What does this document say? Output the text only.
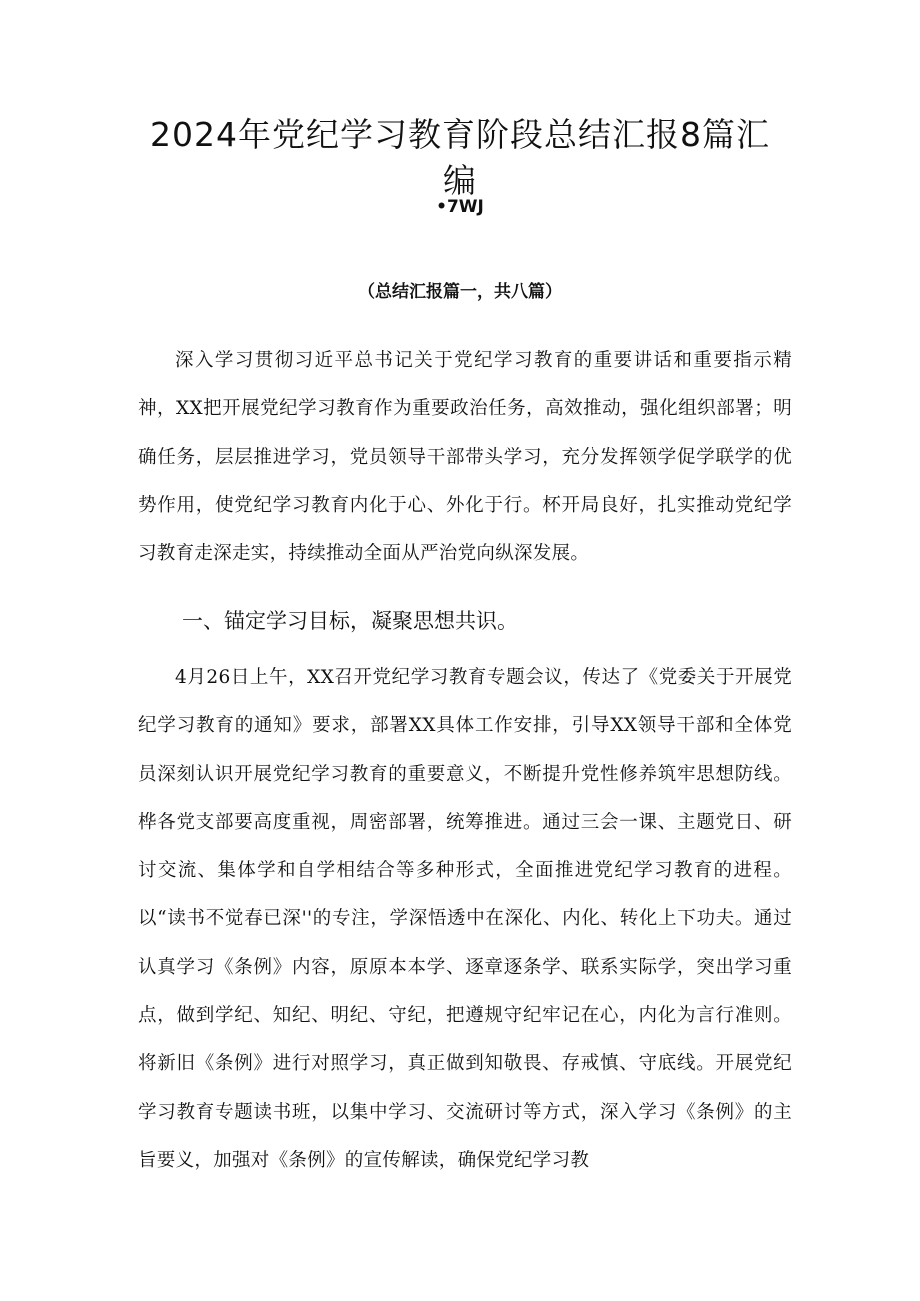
2024年党纪学习教育阶段总结汇报8篇汇编
•7WJ
（总结汇报篇一，共八篇）

深入学习贯彻习近平总书记关于党纪学习教育的重要讲话和重要指示精神，XX把开展党纪学习教育作为重要政治任务，高效推动，强化组织部署；明确任务，层层推进学习，党员领导干部带头学习，充分发挥领学促学联学的优势作用，使党纪学习教育内化于心、外化于行。杯开局良好，扎实推动党纪学习教育走深走实，持续推动全面从严治党向纵深发展。

一、锚定学习目标，凝聚思想共识。

4月26日上午，XX召开党纪学习教育专题会议，传达了《党委关于开展党纪学习教育的通知》要求，部署XX具体工作安排，引导XX领导干部和全体党员深刻认识开展党纪学习教育的重要意义，不断提升党性修养筑牢思想防线。桦各党支部要高度重视，周密部署，统筹推进。通过三会一课、主题党日、研讨交流、集体学和自学相结合等多种形式，全面推进党纪学习教育的进程。以“读书不觉春已深''的专注，学深悟透中在深化、内化、转化上下功夫。通过认真学习《条例》内容，原原本本学、逐章逐条学、联系实际学，突出学习重点，做到学纪、知纪、明纪、守纪，把遵规守纪牢记在心，内化为言行准则。将新旧《条例》进行对照学习，真正做到知敬畏、存戒慎、守底线。开展党纪学习教育专题读书班，以集中学习、交流研讨等方式，深入学习《条例》的主旨要义，加强对《条例》的宣传解读，确保党纪学习教
